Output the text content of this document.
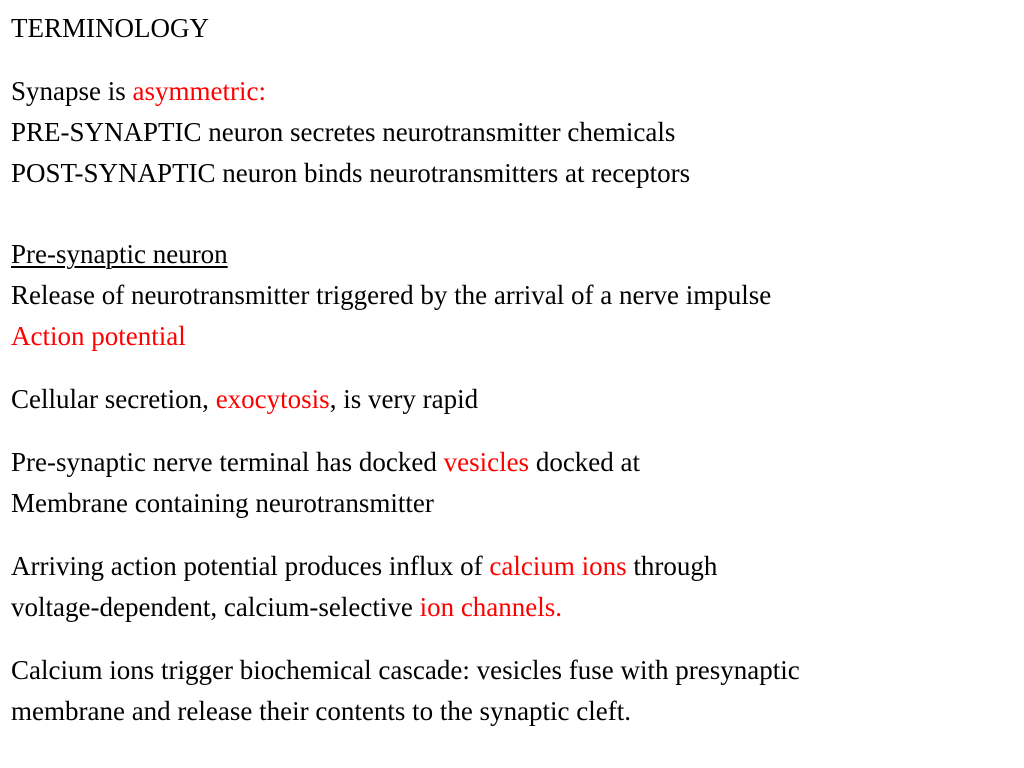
TERMINOLOGY
Synapse is asymmetric:
PRE-SYNAPTIC neuron secretes neurotransmitter chemicals
POST-SYNAPTIC neuron binds neurotransmitters at receptors
Pre-synaptic neuron
Release of neurotransmitter triggered by the arrival of a nerve impulse
Action potential
Cellular secretion, exocytosis, is very rapid
Pre-synaptic nerve terminal has docked vesicles docked at
Membrane containing neurotransmitter
Arriving action potential produces influx of calcium ions through
voltage-dependent, calcium-selective ion channels.
Calcium ions trigger biochemical cascade: vesicles fuse with presynaptic
membrane and release their contents to the synaptic cleft.
